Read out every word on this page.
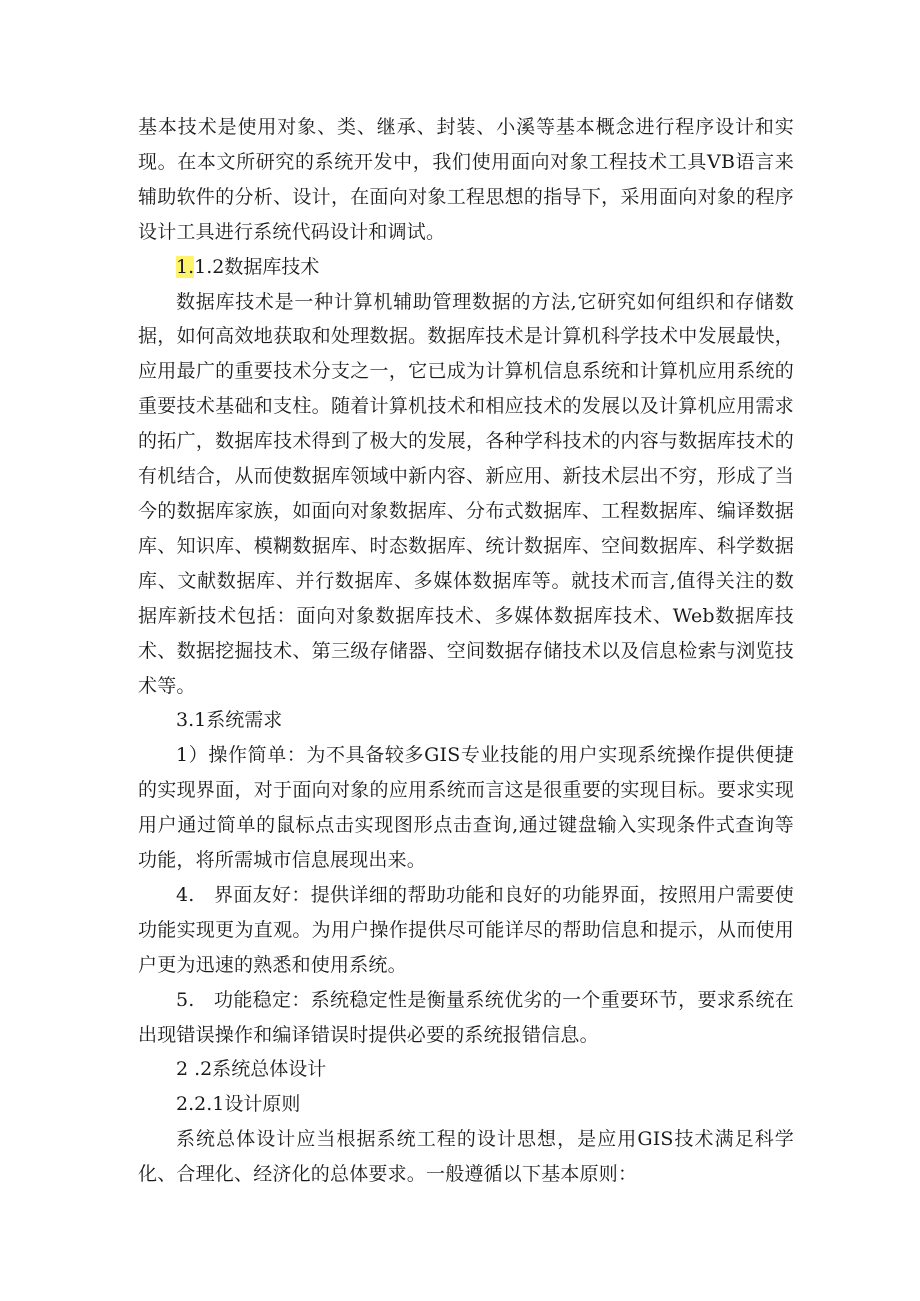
基本技术是使用对象、类、继承、封装、小溪等基本概念进行程序设计和实现。在本文所研究的系统开发中，我们使用面向对象工程技术工具VB语言来辅助软件的分析、设计，在面向对象工程思想的指导下，采用面向对象的程序设计工具进行系统代码设计和调试。

1.1.2数据库技术

数据库技术是一种计算机辅助管理数据的方法,它研究如何组织和存储数据，如何高效地获取和处理数据。数据库技术是计算机科学技术中发展最快，应用最广的重要技术分支之一，它已成为计算机信息系统和计算机应用系统的重要技术基础和支柱。随着计算机技术和相应技术的发展以及计算机应用需求的拓广，数据库技术得到了极大的发展，各种学科技术的内容与数据库技术的有机结合，从而使数据库领域中新内容、新应用、新技术层出不穷，形成了当今的数据库家族，如面向对象数据库、分布式数据库、工程数据库、编译数据库、知识库、模糊数据库、时态数据库、统计数据库、空间数据库、科学数据库、文献数据库、并行数据库、多媒体数据库等。就技术而言,值得关注的数据库新技术包括：面向对象数据库技术、多媒体数据库技术、Web数据库技术、数据挖掘技术、第三级存储器、空间数据存储技术以及信息检索与浏览技术等。

3.1系统需求

1）操作简单：为不具备较多GIS专业技能的用户实现系统操作提供便捷的实现界面，对于面向对象的应用系统而言这是很重要的实现目标。要求实现用户通过简单的鼠标点击实现图形点击查询,通过键盘输入实现条件式查询等功能，将所需城市信息展现出来。

4.　界面友好：提供详细的帮助功能和良好的功能界面，按照用户需要使功能实现更为直观。为用户操作提供尽可能详尽的帮助信息和提示，从而使用户更为迅速的熟悉和使用系统。

5.　功能稳定：系统稳定性是衡量系统优劣的一个重要环节，要求系统在出现错误操作和编译错误时提供必要的系统报错信息。

2 .2系统总体设计

2.2.1设计原则

系统总体设计应当根据系统工程的设计思想，是应用GIS技术满足科学化、合理化、经济化的总体要求。一般遵循以下基本原则：
